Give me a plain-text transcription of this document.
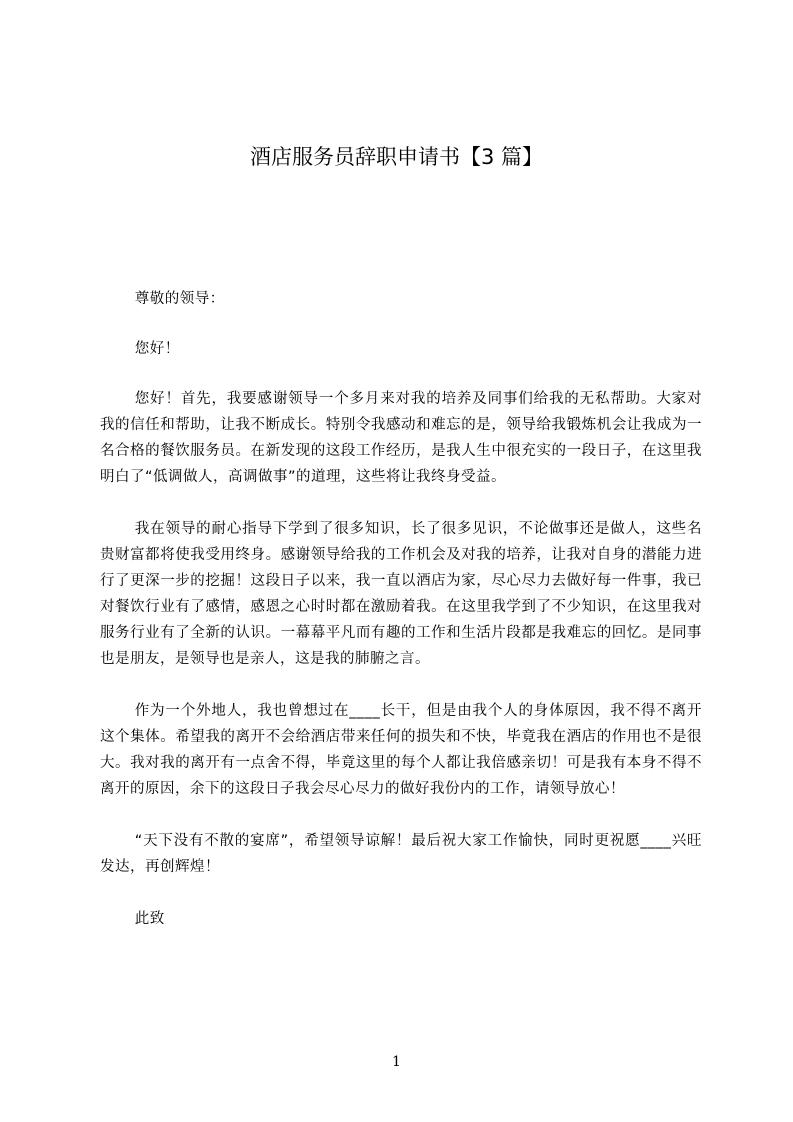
酒店服务员辞职申请书【3 篇】

尊敬的领导：

您好！

您好！首先，我要感谢领导一个多月来对我的培养及同事们给我的无私帮助。大家对我的信任和帮助，让我不断成长。特别令我感动和难忘的是，领导给我锻炼机会让我成为一名合格的餐饮服务员。在新发现的这段工作经历，是我人生中很充实的一段日子，在这里我明白了“低调做人，高调做事”的道理，这些将让我终身受益。

我在领导的耐心指导下学到了很多知识，长了很多见识，不论做事还是做人，这些名贵财富都将使我受用终身。感谢领导给我的工作机会及对我的培养，让我对自身的潜能力进行了更深一步的挖掘！这段日子以来，我一直以酒店为家，尽心尽力去做好每一件事，我已对餐饮行业有了感情，感恩之心时时都在激励着我。在这里我学到了不少知识，在这里我对服务行业有了全新的认识。一幕幕平凡而有趣的工作和生活片段都是我难忘的回忆。是同事也是朋友，是领导也是亲人，这是我的肺腑之言。

作为一个外地人，我也曾想过在____长干，但是由我个人的身体原因，我不得不离开这个集体。希望我的离开不会给酒店带来任何的损失和不快，毕竟我在酒店的作用也不是很大。我对我的离开有一点舍不得，毕竟这里的每个人都让我倍感亲切！可是我有本身不得不离开的原因，余下的这段日子我会尽心尽力的做好我份内的工作，请领导放心！

“天下没有不散的宴席”，希望领导谅解！最后祝大家工作愉快，同时更祝愿____兴旺发达，再创辉煌！

此致

1
